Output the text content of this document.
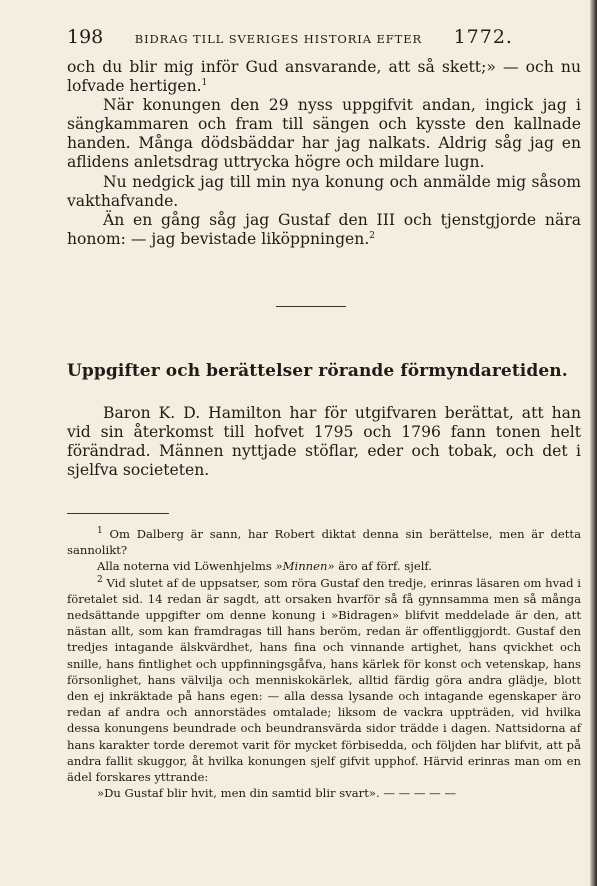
198	BIDRAG TILL SVERIGES HISTORIA EFTER 1772.

och du blir mig inför Gud ansvarande, att så skett;» — och nu lofvade hertigen.$^1$

När konungen den 29 nyss uppgifvit andan, ingick jag i sängkammaren och fram till sängen och kysste den kallnade handen. Många dödsbäddar har jag nalkats. Aldrig såg jag en aflidens anletsdrag uttrycka högre och mildare lugn.

Nu nedgick jag till min nya konung och anmälde mig såsom vakthafvande.

Än en gång såg jag Gustaf den III och tjenstgjorde nära honom: — jag bevistade liköppningen.$^2$

Uppgifter och berättelser rörande förmyndaretiden.

Baron K. D. Hamilton har för utgifvaren berättat, att han vid sin återkomst till hofvet 1795 och 1796 fann tonen helt förändrad. Männen nyttjade stöflar, eder och tobak, och det i sjelfva societeten.

$^1$ Om Dalberg är sann, har Robert diktat denna sin berättelse, men är detta sannolikt?

Alla noterna vid Löwenhjelms »Minnen» äro af förf. sjelf.

$^2$ Vid slutet af de uppsatser, som röra Gustaf den tredje, erinras läsaren om hvad i företalet sid. 14 redan är sagdt, att orsaken hvarför så få gynnsamma men så många nedsättande uppgifter om denne konung i »Bidragen» blifvit meddelade är den, att nästan allt, som kan framdragas till hans beröm, redan är offentliggjordt. Gustaf den tredjes intagande älskvärdhet, hans fina och vinnande artighet, hans qvickhet och snille, hans fintlighet och uppfinningsgåfva, hans kärlek för konst och vetenskap, hans försonlighet, hans välvilja och menniskokärlek, alltid färdig göra andra glädje, blott den ej inkräktade på hans egen: — alla dessa lysande och intagande egenskaper äro redan af andra och annorstädes omtalade; liksom de vackra uppträden, vid hvilka dessa konungens beundrade och beundransvärda sidor trädde i dagen. Nattsidorna af hans karakter torde deremot varit för mycket förbisedda, och följden har blifvit, att på andra fallit skuggor, åt hvilka konungen sjelf gifvit upphof. Härvid erinras man om en ädel forskares yttrande:

»Du Gustaf blir hvit, men din samtid blir svart». — — — — —
